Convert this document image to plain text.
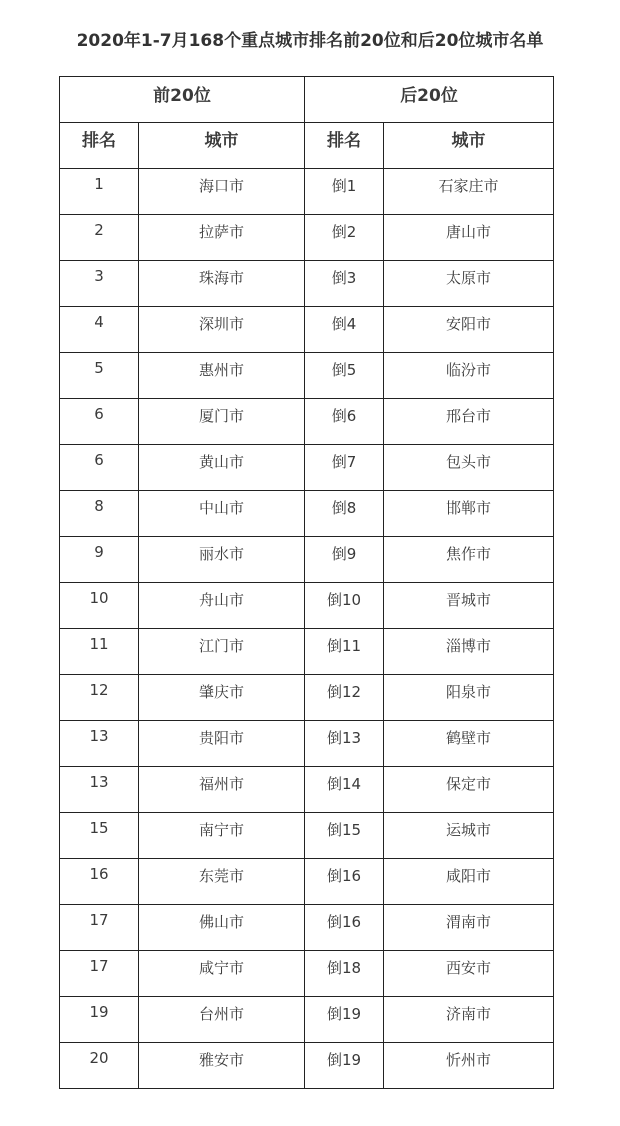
2020年1-7月168个重点城市排名前20位和后20位城市名单
前20位		后20位	
排名	城市	排名	城市
1	海口市	倒1	石家庄市
2	拉萨市	倒2	唐山市
3	珠海市	倒3	太原市
4	深圳市	倒4	安阳市
5	惠州市	倒5	临汾市
6	厦门市	倒6	邢台市
6	黄山市	倒7	包头市
8	中山市	倒8	邯郸市
9	丽水市	倒9	焦作市
10	舟山市	倒10	晋城市
11	江门市	倒11	淄博市
12	肇庆市	倒12	阳泉市
13	贵阳市	倒13	鹤壁市
13	福州市	倒14	保定市
15	南宁市	倒15	运城市
16	东莞市	倒16	咸阳市
17	佛山市	倒16	渭南市
17	咸宁市	倒18	西安市
19	台州市	倒19	济南市
20	雅安市	倒19	忻州市
